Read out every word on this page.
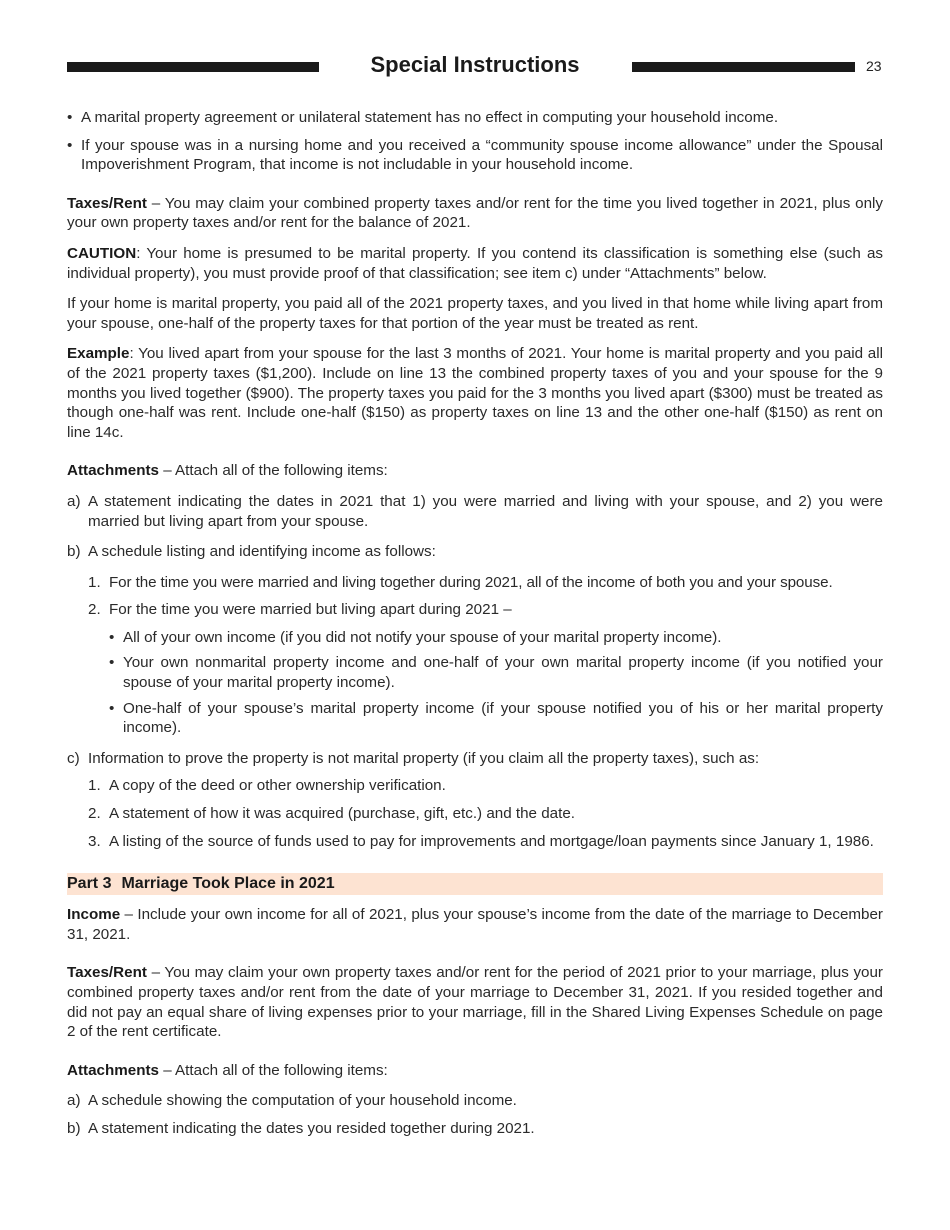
Special Instructions	23
• A marital property agreement or unilateral statement has no effect in computing your household income.
• If your spouse was in a nursing home and you received a “community spouse income allowance” under the Spousal Impoverishment Program, that income is not includable in your household income.

Taxes/Rent – You may claim your combined property taxes and/or rent for the time you lived together in 2021, plus only your own property taxes and/or rent for the balance of 2021.

CAUTION: Your home is presumed to be marital property. If you contend its classification is something else (such as individual property), you must provide proof of that classification; see item c) under “Attachments” below.

If your home is marital property, you paid all of the 2021 property taxes, and you lived in that home while living apart from your spouse, one-half of the property taxes for that portion of the year must be treated as rent.

Example: You lived apart from your spouse for the last 3 months of 2021. Your home is marital property and you paid all of the 2021 property taxes ($1,200). Include on line 13 the combined property taxes of you and your spouse for the 9 months you lived together ($900). The property taxes you paid for the 3 months you lived apart ($300) must be treated as though one-half was rent. Include one-half ($150) as property taxes on line 13 and the other one-half ($150) as rent on line 14c.

Attachments – Attach all of the following items:

a) A statement indicating the dates in 2021 that 1) you were married and living with your spouse, and 2) you were married but living apart from your spouse.
b) A schedule listing and identifying income as follows:
1. For the time you were married and living together during 2021, all of the income of both you and your spouse.
2. For the time you were married but living apart during 2021 –
• All of your own income (if you did not notify your spouse of your marital property income).
• Your own nonmarital property income and one-half of your own marital property income (if you notified your spouse of your marital property income).
• One-half of your spouse’s marital property income (if your spouse notified you of his or her marital property income).
c) Information to prove the property is not marital property (if you claim all the property taxes), such as:
1. A copy of the deed or other ownership verification.
2. A statement of how it was acquired (purchase, gift, etc.) and the date.
3. A listing of the source of funds used to pay for improvements and mortgage/loan payments since January 1, 1986.
Part 3 Marriage Took Place in 2021

Income – Include your own income for all of 2021, plus your spouse’s income from the date of the marriage to December 31, 2021.

Taxes/Rent – You may claim your own property taxes and/or rent for the period of 2021 prior to your marriage, plus your combined property taxes and/or rent from the date of your marriage to December 31, 2021. If you resided together and did not pay an equal share of living expenses prior to your marriage, fill in the Shared Living Expenses Schedule on page 2 of the rent certificate.

Attachments – Attach all of the following items:

a) A schedule showing the computation of your household income.
b) A statement indicating the dates you resided together during 2021.
